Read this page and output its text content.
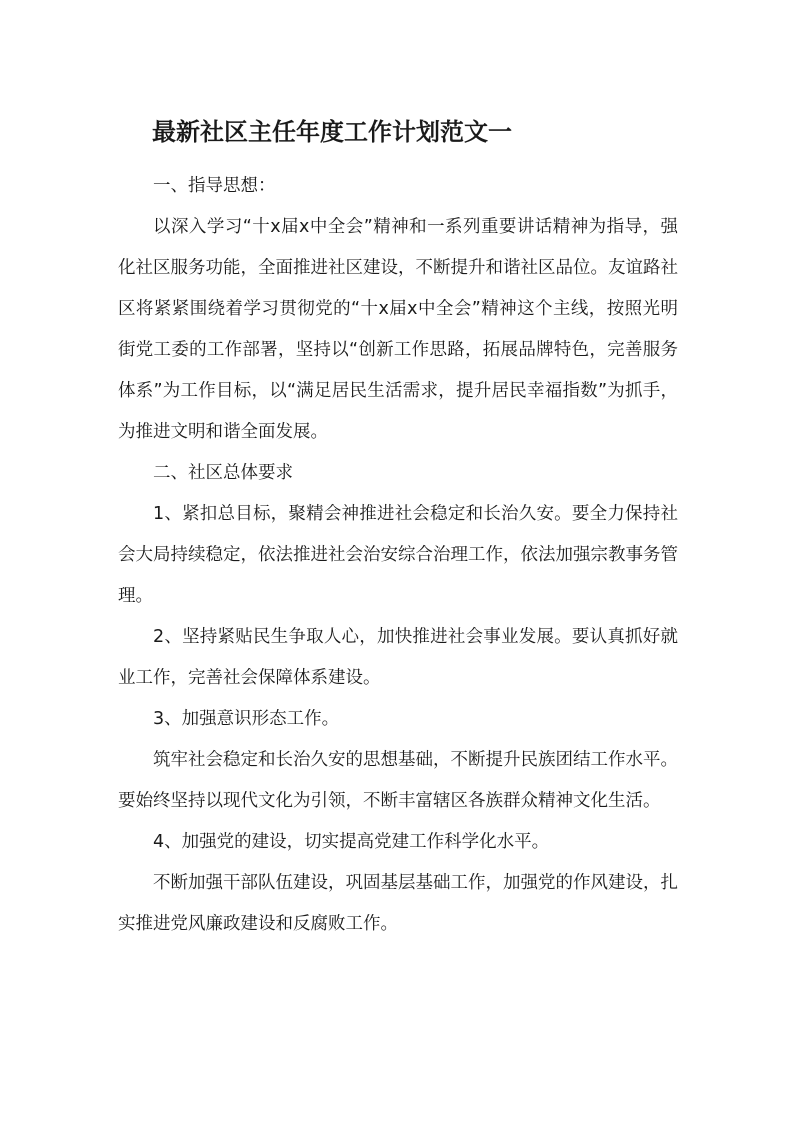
最新社区主任年度工作计划范文一

一、指导思想：

以深入学习“十x届x中全会”精神和一系列重要讲话精神为指导，强化社区服务功能，全面推进社区建设，不断提升和谐社区品位。友谊路社区将紧紧围绕着学习贯彻党的“十x届x中全会”精神这个主线，按照光明街党工委的工作部署，坚持以“创新工作思路，拓展品牌特色，完善服务体系”为工作目标，以“满足居民生活需求，提升居民幸福指数”为抓手，为推进文明和谐全面发展。

二、社区总体要求

1、紧扣总目标，聚精会神推进社会稳定和长治久安。要全力保持社会大局持续稳定，依法推进社会治安综合治理工作，依法加强宗教事务管理。

2、坚持紧贴民生争取人心，加快推进社会事业发展。要认真抓好就业工作，完善社会保障体系建设。

3、加强意识形态工作。

筑牢社会稳定和长治久安的思想基础，不断提升民族团结工作水平。要始终坚持以现代文化为引领，不断丰富辖区各族群众精神文化生活。

4、加强党的建设，切实提高党建工作科学化水平。

不断加强干部队伍建设，巩固基层基础工作，加强党的作风建设，扎实推进党风廉政建设和反腐败工作。
